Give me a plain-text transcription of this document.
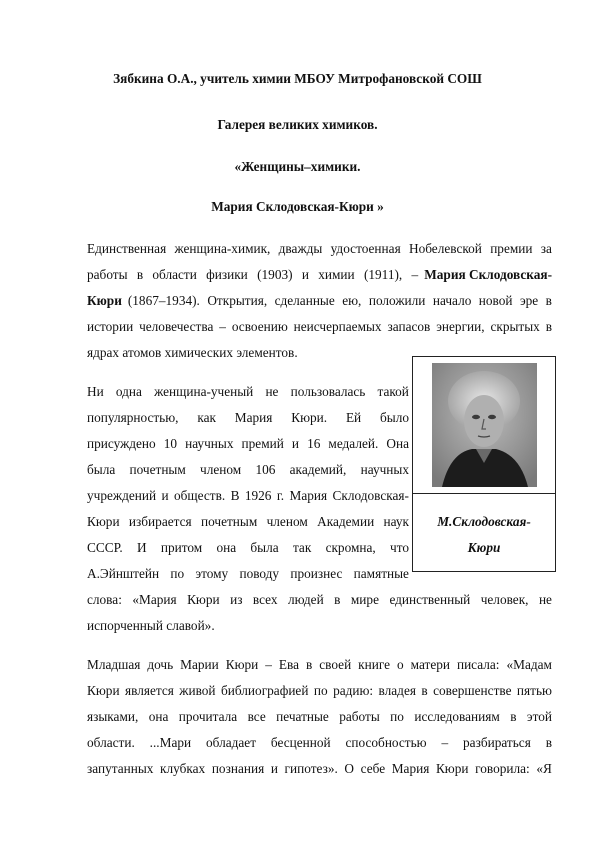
Зябкина О.А., учитель химии МБОУ Митрофановской СОШ
Галерея великих химиков.
«Женщины–химики.
Мария Склодовская-Кюри »
Единственная женщина-химик, дважды удостоенная Нобелевской премии за
работы в области физики (1903) и химии (1911), – Мария Склодовская-
Кюри (1867–1934). Открытия, сделанные ею, положили начало новой эре в
истории человечества – освоению неисчерпаемых запасов энергии, скрытых в
ядрах атомов химических элементов.
Ни одна женщина-ученый не пользовалась такой
популярностью, как Мария Кюри. Ей было
присуждено 10 научных премий и 16 медалей. Она
была почетным членом 106 академий, научных
учреждений и обществ. В 1926 г. Мария Склодовская-
Кюри избирается почетным членом Академии наук
СССР. И притом она была так скромна, что
А.Эйнштейн по этому поводу произнес памятные
слова: «Мария Кюри из всех людей в мире единственный человек, не
испорченный славой».
М.Склодовская-
Кюри
Младшая дочь Марии Кюри – Ева в своей книге о матери писала: «Мадам
Кюри является живой библиографией по радию: владея в совершенстве пятью
языками, она прочитала все печатные работы по исследованиям в этой
области. ...Мари обладает бесценной способностью – разбираться в
запутанных клубках познания и гипотез». О себе Мария Кюри говорила: «Я
